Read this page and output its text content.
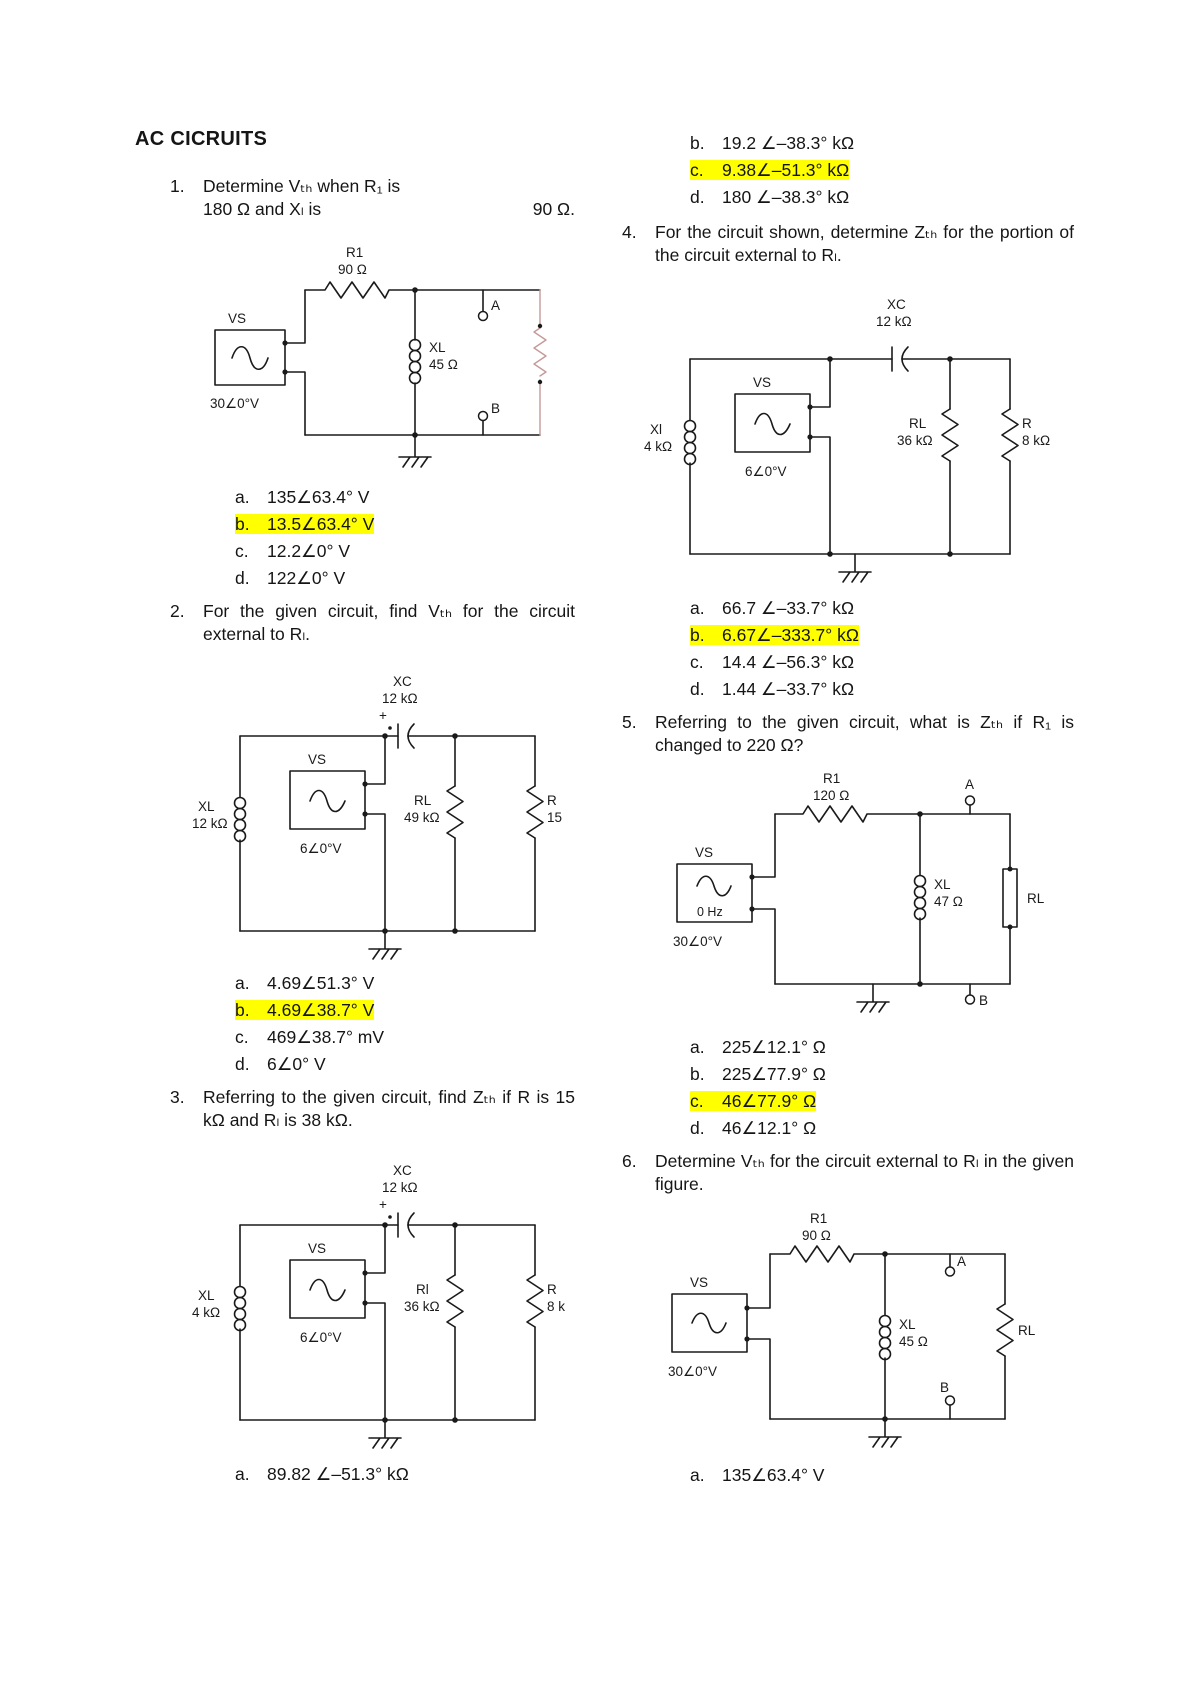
AC CICRUITS
1.	Determine Vₜₕ when R₁ is
180 Ω and Xₗ is	90 Ω.
R1
90 Ω
VS
30∠0°V
XL
45 Ω
A
B
a. 135∠63.4° V
b. 13.5∠63.4° V
c. 12.2∠0° V
d. 122∠0° V
2.	For the given circuit, find Vₜₕ for the circuit external to Rₗ.
XC
12 kΩ
+
XL
12 kΩ
VS
6∠0°V
RL
49 kΩ
R
15
a. 4.69∠51.3° V
b. 4.69∠38.7° V
c. 469∠38.7° mV
d. 6∠0° V
3.	Referring to the given circuit, find Zₜₕ if R is 15 kΩ and Rₗ is 38 kΩ.
XC
12 kΩ
+
XL
4 kΩ
VS
6∠0°V
Rl
36 kΩ
R
8 k
a. 89.82 ∠–51.3° kΩ
b. 19.2 ∠–38.3° kΩ
c. 9.38∠–51.3° kΩ
d. 180 ∠–38.3° kΩ
4.	For the circuit shown, determine Zₜₕ for the portion of the circuit external to Rₗ.
XC
12 kΩ
Xl
4 kΩ
VS
6∠0°V
RL
36 kΩ
R
8 kΩ
a. 66.7 ∠–33.7° kΩ
b. 6.67∠–333.7° kΩ
c. 14.4 ∠–56.3° kΩ
d. 1.44 ∠–33.7° kΩ
5.	Referring to the given circuit, what is Zₜₕ if R₁ is changed to 220 Ω?
R1
120 Ω
VS
0 Hz
30∠0°V
XL
47 Ω	RL
A
B
a. 225∠12.1° Ω
b. 225∠77.9° Ω
c. 46∠77.9° Ω
d. 46∠12.1° Ω
6.	Determine Vₜₕ for the circuit external to Rₗ in the given figure.
R1
90 Ω
VS
30∠0°V
XL
45 Ω
RL
A
B
a. 135∠63.4° V
